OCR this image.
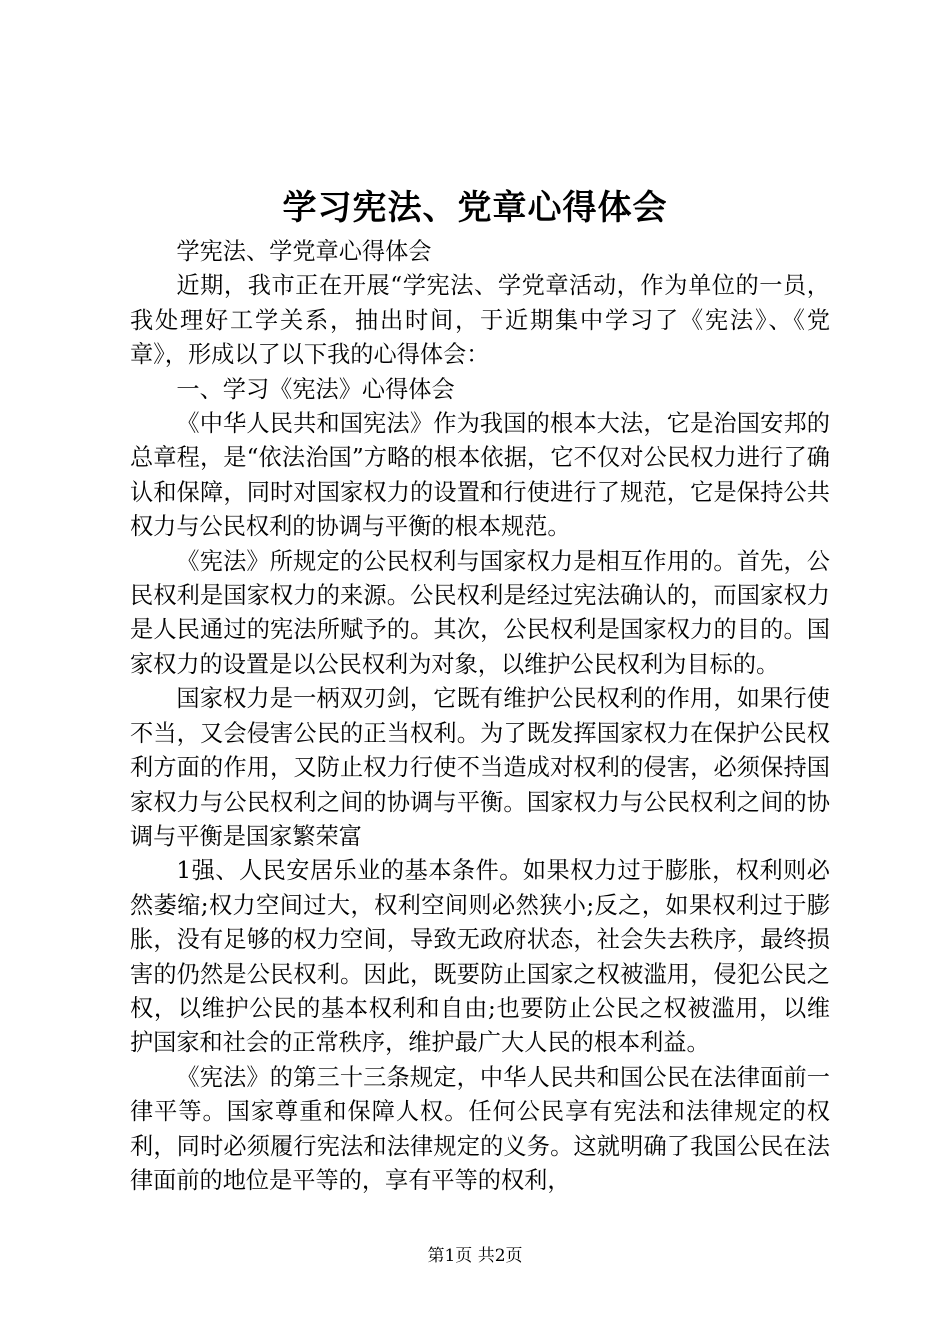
学习宪法、党章心得体会

学宪法、学党章心得体会

近期，我市正在开展“学宪法、学党章活动，作为单位的一员，我处理好工学关系，抽出时间，于近期集中学习了《宪法》、《党章》，形成以了以下我的心得体会：

一、学习《宪法》心得体会

《中华人民共和国宪法》作为我国的根本大法，它是治国安邦的总章程，是“依法治国”方略的根本依据，它不仅对公民权力进行了确认和保障，同时对国家权力的设置和行使进行了规范，它是保持公共权力与公民权利的协调与平衡的根本规范。

《宪法》所规定的公民权利与国家权力是相互作用的。首先，公民权利是国家权力的来源。公民权利是经过宪法确认的，而国家权力是人民通过的宪法所赋予的。其次，公民权利是国家权力的目的。国家权力的设置是以公民权利为对象，以维护公民权利为目标的。

国家权力是一柄双刃剑，它既有维护公民权利的作用，如果行使不当，又会侵害公民的正当权利。为了既发挥国家权力在保护公民权利方面的作用，又防止权力行使不当造成对权利的侵害，必须保持国家权力与公民权利之间的协调与平衡。国家权力与公民权利之间的协调与平衡是国家繁荣富

1强、人民安居乐业的基本条件。如果权力过于膨胀，权利则必然萎缩;权力空间过大，权利空间则必然狭小;反之，如果权利过于膨胀，没有足够的权力空间，导致无政府状态，社会失去秩序，最终损害的仍然是公民权利。因此，既要防止国家之权被滥用，侵犯公民之权，以维护公民的基本权利和自由;也要防止公民之权被滥用，以维护国家和社会的正常秩序，维护最广大人民的根本利益。

《宪法》的第三十三条规定，中华人民共和国公民在法律面前一律平等。国家尊重和保障人权。任何公民享有宪法和法律规定的权利，同时必须履行宪法和法律规定的义务。这就明确了我国公民在法律面前的地位是平等的，享有平等的权利，

第1页 共2页
